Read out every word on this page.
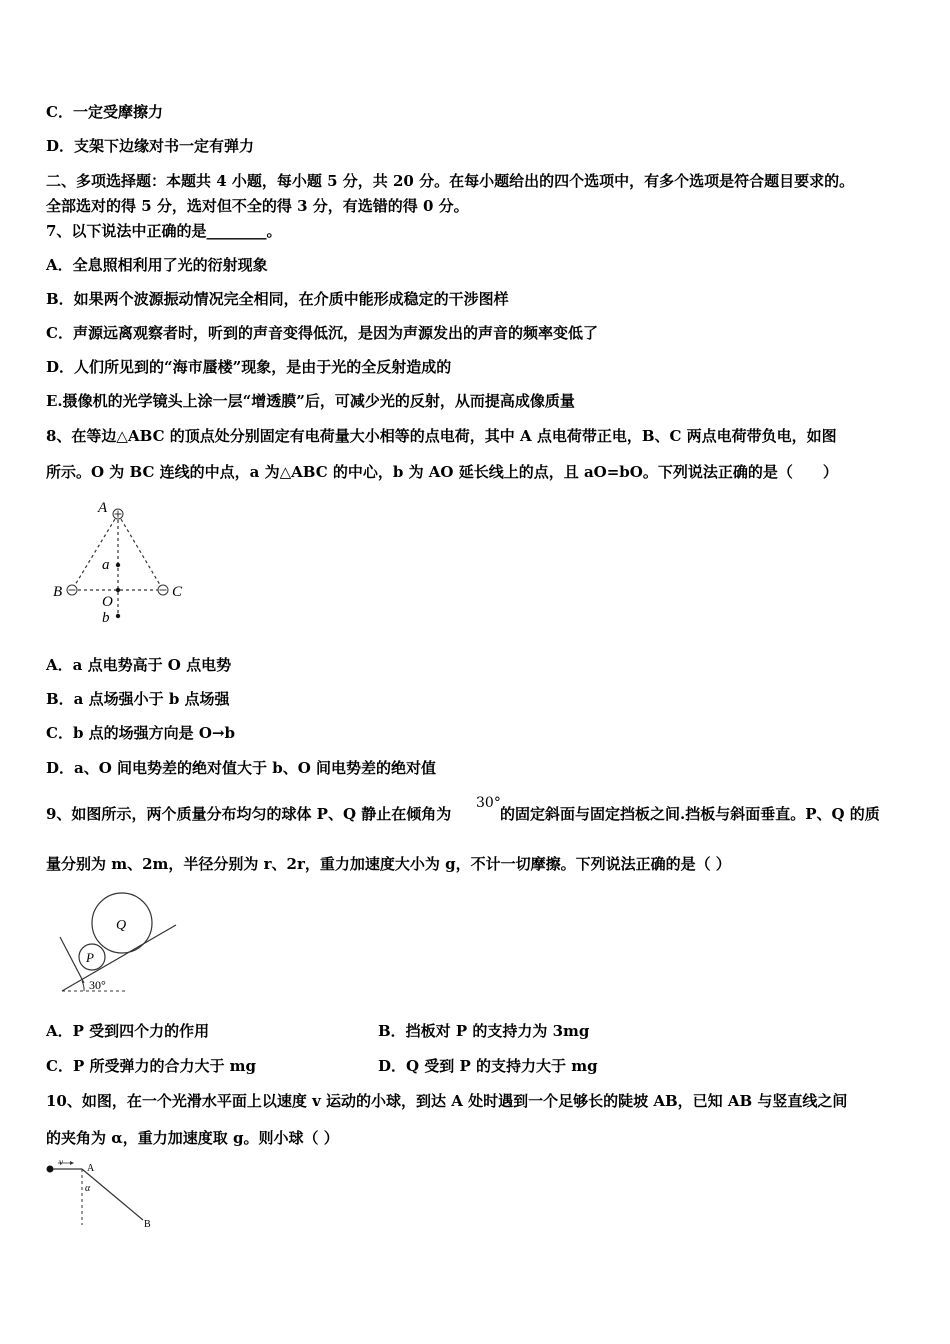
C．一定受摩擦力
D．支架下边缘对书一定有弹力
二、多项选择题：本题共 4 小题，每小题 5 分，共 20 分。在每小题给出的四个选项中，有多个选项是符合题目要求的。
全部选对的得 5 分，选对但不全的得 3 分，有选错的得 0 分。
7、以下说法中正确的是________。
A．全息照相利用了光的衍射现象
B．如果两个波源振动情况完全相同，在介质中能形成稳定的干涉图样
C．声源远离观察者时，听到的声音变得低沉，是因为声源发出的声音的频率变低了
D．人们所见到的“海市蜃楼”现象，是由于光的全反射造成的
E.摄像机的光学镜头上涂一层“增透膜”后，可减少光的反射，从而提高成像质量
8、在等边△ABC 的顶点处分别固定有电荷量大小相等的点电荷，其中 A 点电荷带正电，B、C 两点电荷带负电，如图
所示。O 为 BC 连线的中点，a 为△ABC 的中心，b 为 AO 延长线上的点，且 aO=bO。下列说法正确的是（　　）
A
B	C
a
O
b
A．a 点电势高于 O 点电势
B．a 点场强小于 b 点场强
C．b 点的场强方向是 O→b
D．a、O 间电势差的绝对值大于 b、O 间电势差的绝对值
9、如图所示，两个质量分布均匀的球体 P、Q 静止在倾角为
30°
的固定斜面与固定挡板之间.挡板与斜面垂直。P、Q 的质
量分别为 m、2m，半径分别为 r、2r，重力加速度大小为 g，不计一切摩擦。下列说法正确的是（ ）
P
Q
30°
A．P 受到四个力的作用	B．挡板对 P 的支持力为 3mg
C．P 所受弹力的合力大于 mg	D．Q 受到 P 的支持力大于 mg
10、如图，在一个光滑水平面上以速度 v 运动的小球，到达 A 处时遇到一个足够长的陡坡 AB，已知 AB 与竖直线之间
的夹角为 α，重力加速度取 g。则小球（ ）
v
A
α
B
